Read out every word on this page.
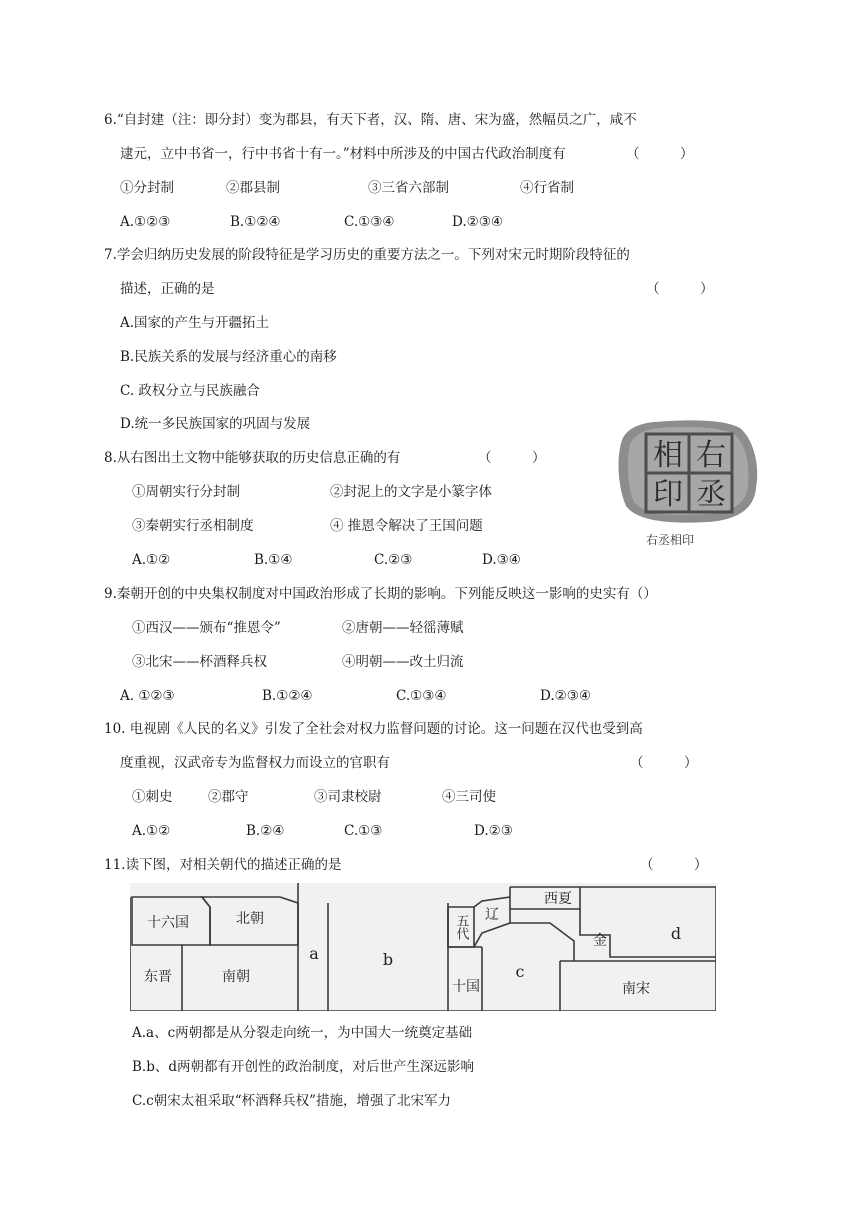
6.“自封建（注：即分封）变为郡县，有天下者，汉、隋、唐、宋为盛，然幅员之广，咸不
逮元，立中书省一，行中书省十有一。”材料中所涉及的中国古代政治制度有	（　　　）
①分封制	②郡县制	③三省六部制	④行省制
A.①②③	B.①②④	C.①③④	D.②③④
7.学会归纳历史发展的阶段特征是学习历史的重要方法之一。下列对宋元时期阶段特征的
描述，正确的是	（　　　）
A.国家的产生与开疆拓土
B.民族关系的发展与经济重心的南移
C. 政权分立与民族融合
D.统一多民族国家的巩固与发展
8.从右图出土文物中能够获取的历史信息正确的有	（　　　）
①周朝实行分封制	②封泥上的文字是小篆字体
③秦朝实行丞相制度	④ 推恩令解决了王国问题
A.①②	B.①④	C.②③	D.③④
右
丞
相
印
右丞相印
9.秦朝开创的中央集权制度对中国政治形成了长期的影响。下列能反映这一影响的史实有（）
①西汉——颁布“推恩令”	②唐朝——轻徭薄赋
③北宋——杯酒释兵权	④明朝——改土归流
A. ①②③	B.①②④	C.①③④	D.②③④
10. 电视剧《人民的名义》引发了全社会对权力监督问题的讨论。这一问题在汉代也受到高
度重视，汉武帝专为监督权力而设立的官职有	（　　　）
①刺史	②郡守	③司隶校尉	④三司使
A.①②	B.②④	C.①③	D.②③
11.读下图，对相关朝代的描述正确的是	（　　　）
十六国	北朝
东晋	南朝
a	b
五代
十国
辽
西夏
金
c
d
南宋
A.a、c两朝都是从分裂走向统一，为中国大一统奠定基础
B.b、d两朝都有开创性的政治制度，对后世产生深远影响
C.c朝宋太祖采取“杯酒释兵权”措施，增强了北宋军力
